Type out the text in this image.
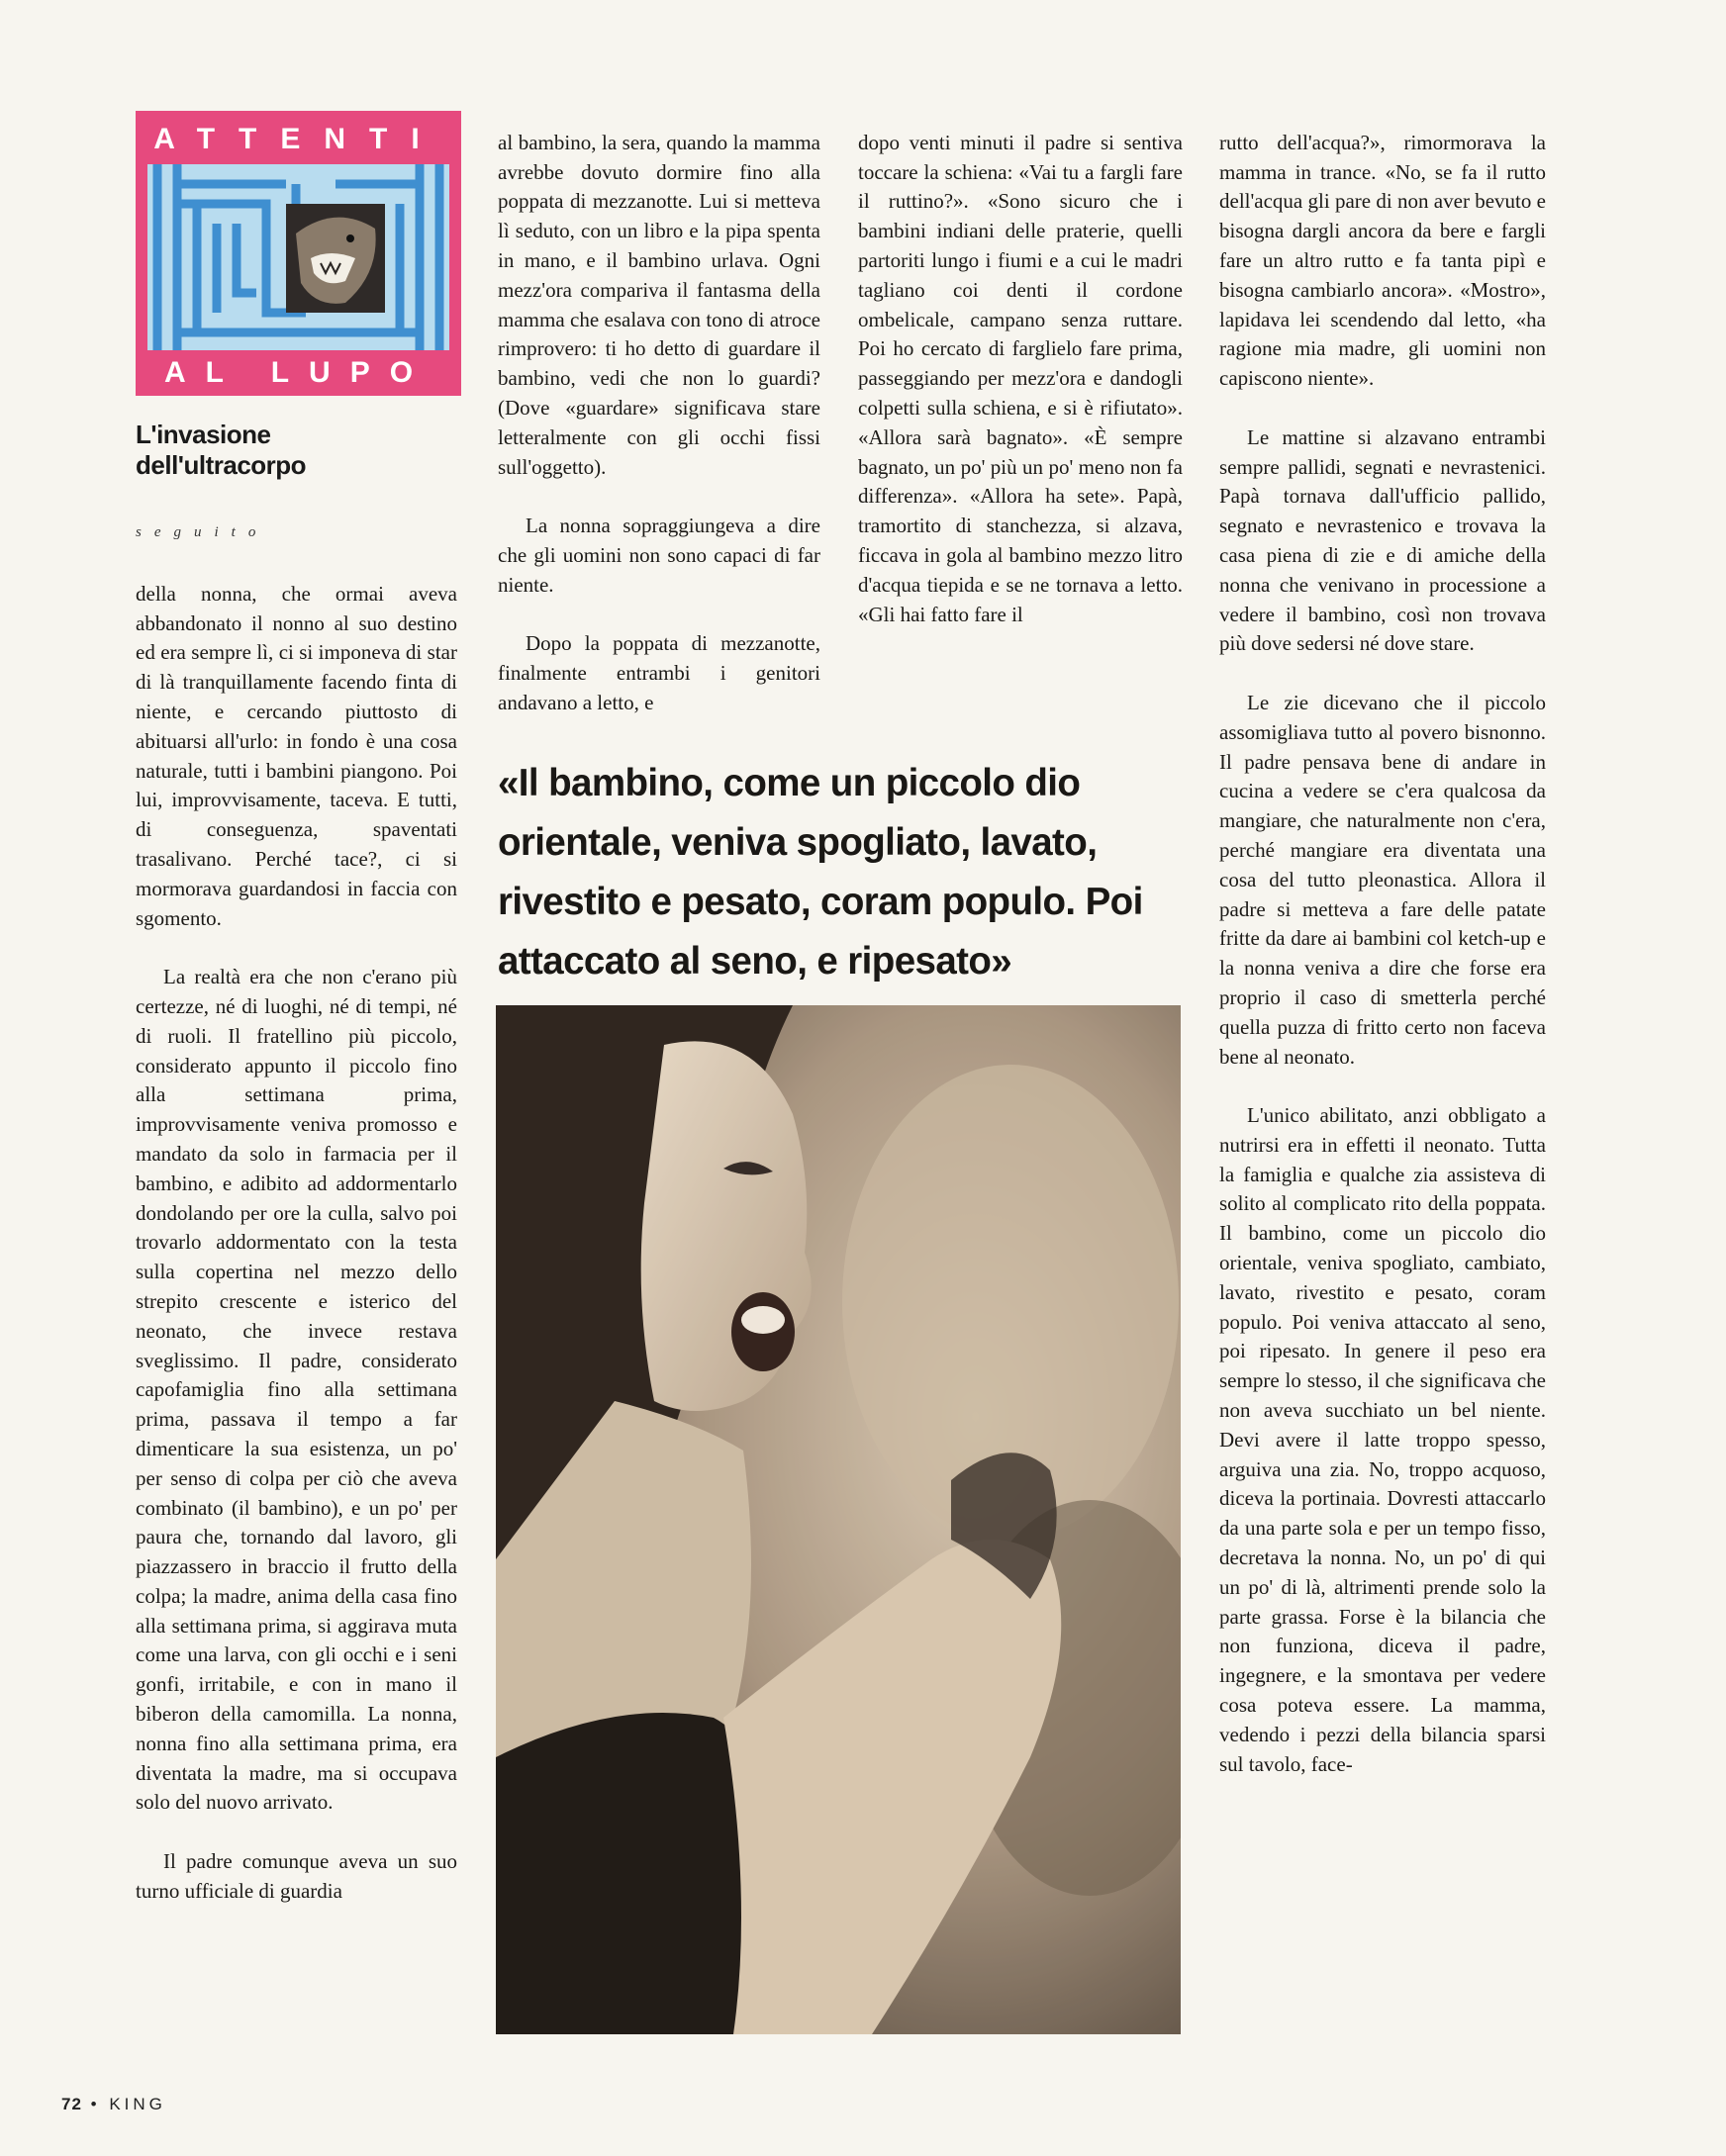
ATTENTI
AL LUPO
L'invasione
dell'ultracorpo
seguito

della nonna, che ormai aveva abbandonato il nonno al suo destino ed era sempre lì, ci si imponeva di star di là tranquillamente facendo finta di niente, e cercando piuttosto di abituarsi all'urlo: in fondo è una cosa naturale, tutti i bambini piangono. Poi lui, improvvisamente, taceva. E tutti, di conseguenza, spaventati trasalivano. Perché tace?, ci si mormorava guardandosi in faccia con sgomento.

La realtà era che non c'erano più certezze, né di luoghi, né di tempi, né di ruoli. Il fratellino più piccolo, considerato appunto il piccolo fino alla settimana prima, improvvisamente veniva promosso e mandato da solo in farmacia per il bambino, e adibito ad addormentarlo dondolando per ore la culla, salvo poi trovarlo addormentato con la testa sulla copertina nel mezzo dello strepito crescente e isterico del neonato, che invece restava sveglissimo. Il padre, considerato capofamiglia fino alla settimana prima, passava il tempo a far dimenticare la sua esistenza, un po' per senso di colpa per ciò che aveva combinato (il bambino), e un po' per paura che, tornando dal lavoro, gli piazzassero in braccio il frutto della colpa; la madre, anima della casa fino alla settimana prima, si aggirava muta come una larva, con gli occhi e i seni gonfi, irritabile, e con in mano il biberon della camomilla. La nonna, nonna fino alla settimana prima, era diventata la madre, ma si occupava solo del nuovo arrivato.

Il padre comunque aveva un suo turno ufficiale di guardia

al bambino, la sera, quando la mamma avrebbe dovuto dormire fino alla poppata di mezzanotte. Lui si metteva lì seduto, con un libro e la pipa spenta in mano, e il bambino urlava. Ogni mezz'ora compariva il fantasma della mamma che esalava con tono di atroce rimprovero: ti ho detto di guardare il bambino, vedi che non lo guardi? (Dove «guardare» significava stare letteralmente con gli occhi fissi sull'oggetto).

La nonna sopraggiungeva a dire che gli uomini non sono capaci di far niente.

Dopo la poppata di mezzanotte, finalmente entrambi i genitori andavano a letto, e

dopo venti minuti il padre si sentiva toccare la schiena: «Vai tu a fargli fare il ruttino?». «Sono sicuro che i bambini indiani delle praterie, quelli partoriti lungo i fiumi e a cui le madri tagliano coi denti il cordone ombelicale, campano senza ruttare. Poi ho cercato di farglielo fare prima, passeggiando per mezz'ora e dandogli colpetti sulla schiena, e si è rifiutato». «Allora sarà bagnato». «È sempre bagnato, un po' più un po' meno non fa differenza». «Allora ha sete». Papà, tramortito di stanchezza, si alzava, ficcava in gola al bambino mezzo litro d'acqua tiepida e se ne tornava a letto. «Gli hai fatto fare il

«Il bambino, come un piccolo dio orientale, veniva spogliato, lavato, rivestito e pesato, coram populo. Poi attaccato al seno, e ripesato»

rutto dell'acqua?», rimormorava la mamma in trance. «No, se fa il rutto dell'acqua gli pare di non aver bevuto e bisogna dargli ancora da bere e fargli fare un altro rutto e fa tanta pipì e bisogna cambiarlo ancora». «Mostro», lapidava lei scendendo dal letto, «ha ragione mia madre, gli uomini non capiscono niente».

Le mattine si alzavano entrambi sempre pallidi, segnati e nevrastenici. Papà tornava dall'ufficio pallido, segnato e nevrastenico e trovava la casa piena di zie e di amiche della nonna che venivano in processione a vedere il bambino, così non trovava più dove sedersi né dove stare.

Le zie dicevano che il piccolo assomigliava tutto al povero bisnonno. Il padre pensava bene di andare in cucina a vedere se c'era qualcosa da mangiare, che naturalmente non c'era, perché mangiare era diventata una cosa del tutto pleonastica. Allora il padre si metteva a fare delle patate fritte da dare ai bambini col ketch-up e la nonna veniva a dire che forse era proprio il caso di smetterla perché quella puzza di fritto certo non faceva bene al neonato.

L'unico abilitato, anzi obbligato a nutrirsi era in effetti il neonato. Tutta la famiglia e qualche zia assisteva di solito al complicato rito della poppata. Il bambino, come un piccolo dio orientale, veniva spogliato, cambiato, lavato, rivestito e pesato, coram populo. Poi veniva attaccato al seno, poi ripesato. In genere il peso era sempre lo stesso, il che significava che non aveva succhiato un bel niente. Devi avere il latte troppo spesso, arguiva una zia. No, troppo acquoso, diceva la portinaia. Dovresti attaccarlo da una parte sola e per un tempo fisso, decretava la nonna. No, un po' di qui un po' di là, altrimenti prende solo la parte grassa. Forse è la bilancia che non funziona, diceva il padre, ingegnere, e la smontava per vedere cosa poteva essere. La mamma, vedendo i pezzi della bilancia sparsi sul tavolo, face-

72 • KING
